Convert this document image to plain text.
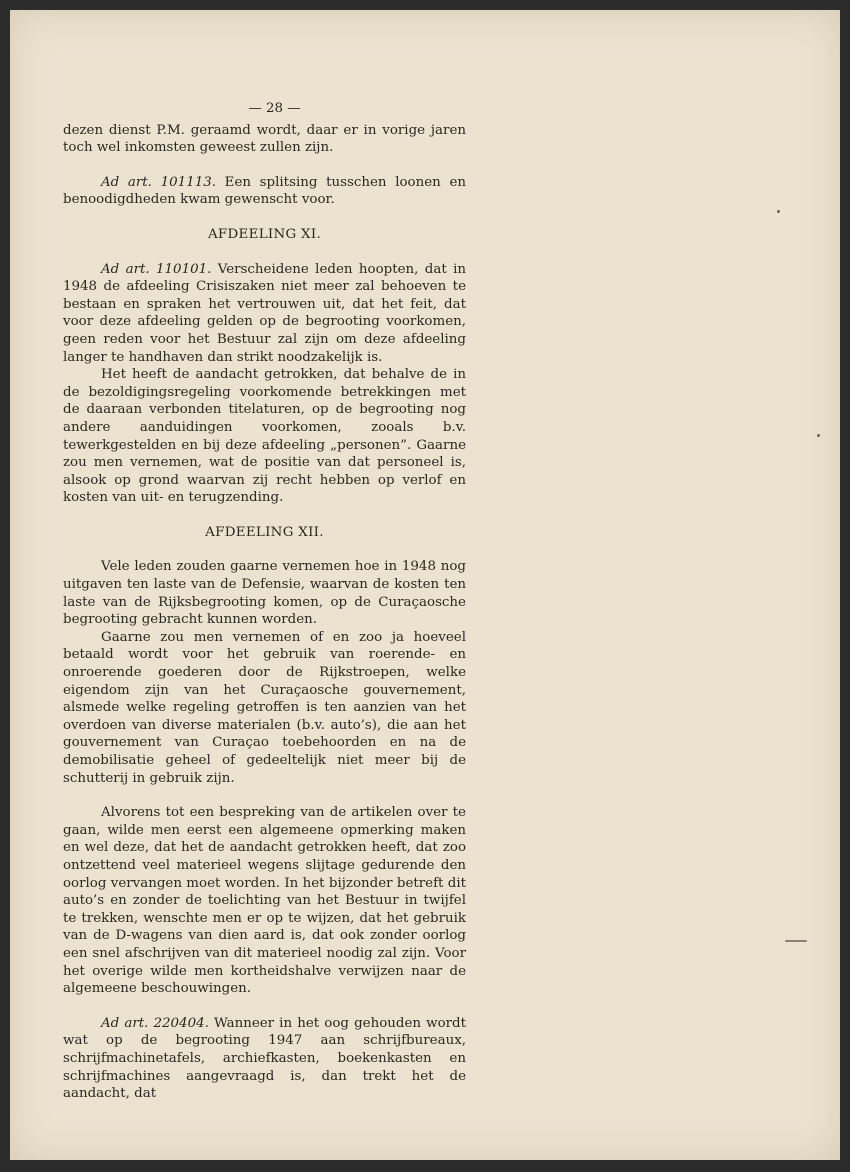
— 28 —

dezen dienst P.M. geraamd wordt, daar er in vorige jaren toch wel inkomsten geweest zullen zijn.

Ad art. 101113. Een splitsing tusschen loonen en benoodigdheden kwam gewenscht voor.

AFDEELING XI.

Ad art. 110101. Verscheidene leden hoopten, dat in 1948 de afdeeling Crisiszaken niet meer zal behoeven te bestaan en spraken het vertrouwen uit, dat het feit, dat voor deze afdeeling gelden op de begrooting voorkomen, geen reden voor het Bestuur zal zijn om deze afdeeling langer te handhaven dan strikt noodzakelijk is.

Het heeft de aandacht getrokken, dat behalve de in de bezoldigingsregeling voorkomende betrekkingen met de daaraan verbonden titelaturen, op de begrooting nog andere aanduidingen voorkomen, zooals b.v. tewerkgestelden en bij deze afdeeling „personen”. Gaarne zou men vernemen, wat de positie van dat personeel is, alsook op grond waarvan zij recht hebben op verlof en kosten van uit- en terugzending.

AFDEELING XII.

Vele leden zouden gaarne vernemen hoe in 1948 nog uitgaven ten laste van de Defensie, waarvan de kosten ten laste van de Rijksbegrooting komen, op de Curaçaosche begrooting gebracht kunnen worden.

Gaarne zou men vernemen of en zoo ja hoeveel betaald wordt voor het gebruik van roerende- en onroerende goederen door de Rijkstroepen, welke eigendom zijn van het Curaçaosche gouvernement, alsmede welke regeling getroffen is ten aanzien van het overdoen van diverse materialen (b.v. auto’s), die aan het gouvernement van Curaçao toebehoorden en na de demobilisatie geheel of gedeeltelijk niet meer bij de schutterij in gebruik zijn.

Alvorens tot een bespreking van de artikelen over te gaan, wilde men eerst een algemeene opmerking maken en wel deze, dat het de aandacht getrokken heeft, dat zoo ontzettend veel materieel wegens slijtage gedurende den oorlog vervangen moet worden. In het bijzonder betreft dit auto’s en zonder de toelichting van het Bestuur in twijfel te trekken, wenschte men er op te wijzen, dat het gebruik van de D-wagens van dien aard is, dat ook zonder oorlog een snel afschrijven van dit materieel noodig zal zijn. Voor het overige wilde men kortheidshalve verwijzen naar de algemeene beschouwingen.

Ad art. 220404. Wanneer in het oog gehouden wordt wat op de begrooting 1947 aan schrijfbureaux, schrijfmachinetafels, archiefkasten, boekenkasten en schrijfmachines aangevraagd is, dan trekt het de aandacht, dat
